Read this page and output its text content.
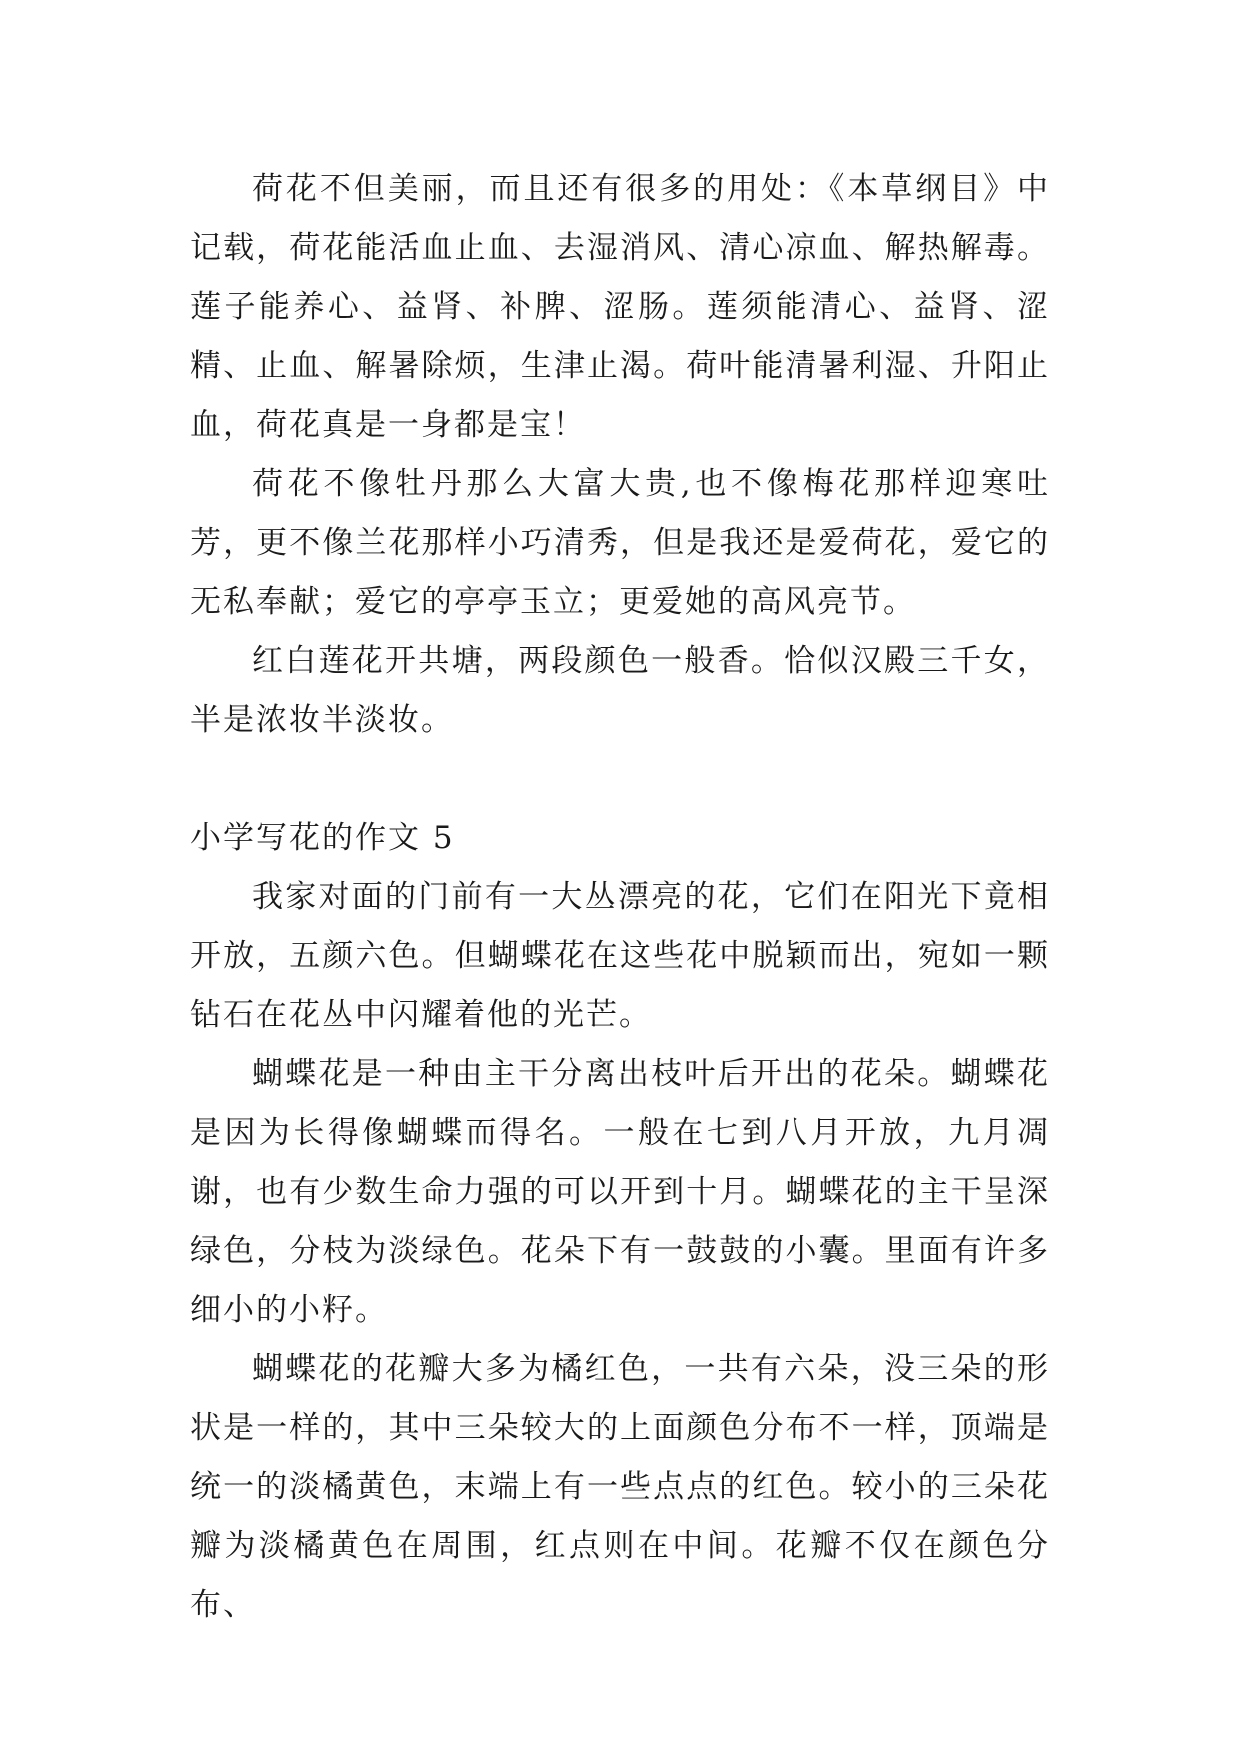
荷花不但美丽，而且还有很多的用处：《本草纲目》中记载，荷花能活血止血、去湿消风、清心凉血、解热解毒。莲子能养心、益肾、补脾、涩肠。莲须能清心、益肾、涩精、止血、解暑除烦，生津止渴。荷叶能清暑利湿、升阳止血，荷花真是一身都是宝！

荷花不像牡丹那么大富大贵,也不像梅花那样迎寒吐芳，更不像兰花那样小巧清秀，但是我还是爱荷花，爱它的无私奉献；爱它的亭亭玉立；更爱她的高风亮节。

红白莲花开共塘，两段颜色一般香。恰似汉殿三千女，半是浓妆半淡妆。

小学写花的作文 5

我家对面的门前有一大丛漂亮的花，它们在阳光下竟相开放，五颜六色。但蝴蝶花在这些花中脱颖而出，宛如一颗钻石在花丛中闪耀着他的光芒。

蝴蝶花是一种由主干分离出枝叶后开出的花朵。蝴蝶花是因为长得像蝴蝶而得名。一般在七到八月开放，九月凋谢，也有少数生命力强的可以开到十月。蝴蝶花的主干呈深绿色，分枝为淡绿色。花朵下有一鼓鼓的小囊。里面有许多细小的小籽。

蝴蝶花的花瓣大多为橘红色，一共有六朵，没三朵的形状是一样的，其中三朵较大的上面颜色分布不一样，顶端是统一的淡橘黄色，末端上有一些点点的红色。较小的三朵花瓣为淡橘黄色在周围，红点则在中间。花瓣不仅在颜色分布、
